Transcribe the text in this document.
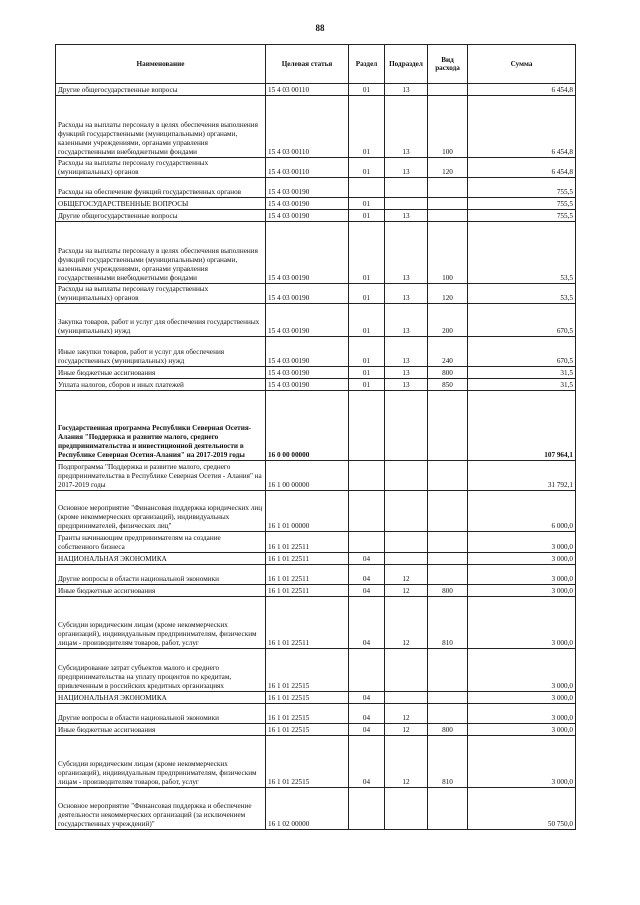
88
Наименование	Целевая статья	Раздел	Подраздел	Вид расхода	Сумма
Другие общегосударственные вопросы	15 4 03 00110	01	13		6 454,8
Расходы на выплаты персоналу в целях обеспечения выполнения функций государственными (муниципальными) органами, казенными учреждениями, органами управления государственными внебюджетными фондами	15 4 03 00110	01	13	100	6 454,8
Расходы на выплаты персоналу государственных (муниципальных) органов	15 4 03 00110	01	13	120	6 454,8
Расходы на обеспечение функций государственных органов	15 4 03 00190				755,5
ОБЩЕГОСУДАРСТВЕННЫЕ ВОПРОСЫ	15 4 03 00190	01			755,5
Другие общегосударственные вопросы	15 4 03 00190	01	13		755,5
Расходы на выплаты персоналу в целях обеспечения выполнения функций государственными (муниципальными) органами, казенными учреждениями, органами управления государственными внебюджетными фондами	15 4 03 00190	01	13	100	53,5
Расходы на выплаты персоналу государственных (муниципальных) органов	15 4 03 00190	01	13	120	53,5
Закупка товаров, работ и услуг для обеспечения государственных (муниципальных) нужд	15 4 03 00190	01	13	200	670,5
Иные закупки товаров, работ и услуг для обеспечения государственных (муниципальных) нужд	15 4 03 00190	01	13	240	670,5
Иные бюджетные ассигнования	15 4 03 00190	01	13	800	31,5
Уплата налогов, сборов и иных платежей	15 4 03 00190	01	13	850	31,5
Государственная программа Республики Северная Осетия-Алания "Поддержка и развитие малого, среднего предпринимательства и инвестиционной деятельности в Республике Северная Осетия-Алания" на 2017-2019 годы	16 0 00 00000				107 964,1
Подпрограмма "Поддержка и развитие малого, среднего предпринимательства в Республике Северная Осетия - Алания" на 2017-2019 годы	16 1 00 00000				31 792,1
Основное мероприятие "Финансовая поддержка юридических лиц (кроме некоммерческих организаций), индивидуальных предпринимателей, физических лиц"	16 1 01 00000				6 000,0
Гранты начинающим предпринимателям на создание собственного бизнеса	16 1 01 22511				3 000,0
НАЦИОНАЛЬНАЯ ЭКОНОМИКА	16 1 01 22511	04			3 000,0
Другие вопросы в области национальной экономики	16 1 01 22511	04	12		3 000,0
Иные бюджетные ассигнования	16 1 01 22511	04	12	800	3 000,0
Субсидии юридическим лицам (кроме некоммерческих организаций), индивидуальным предпринимателям, физическим лицам - производителям товаров, работ, услуг	16 1 01 22511	04	12	810	3 000,0
Субсидирование затрат субъектов малого и среднего предпринимательства на уплату процентов по кредитам, привлеченным в российских кредитных организациях	16 1 01 22515				3 000,0
НАЦИОНАЛЬНАЯ ЭКОНОМИКА	16 1 01 22515	04			3 000,0
Другие вопросы в области национальной экономики	16 1 01 22515	04	12		3 000,0
Иные бюджетные ассигнования	16 1 01 22515	04	12	800	3 000,0
Субсидии юридическим лицам (кроме некоммерческих организаций), индивидуальным предпринимателям, физическим лицам - производителям товаров, работ, услуг	16 1 01 22515	04	12	810	3 000,0
Основное мероприятие "Финансовая поддержка и обеспечение деятельности некоммерческих организаций (за исключением государственных учреждений)"	16 1 02 00000				50 750,0
